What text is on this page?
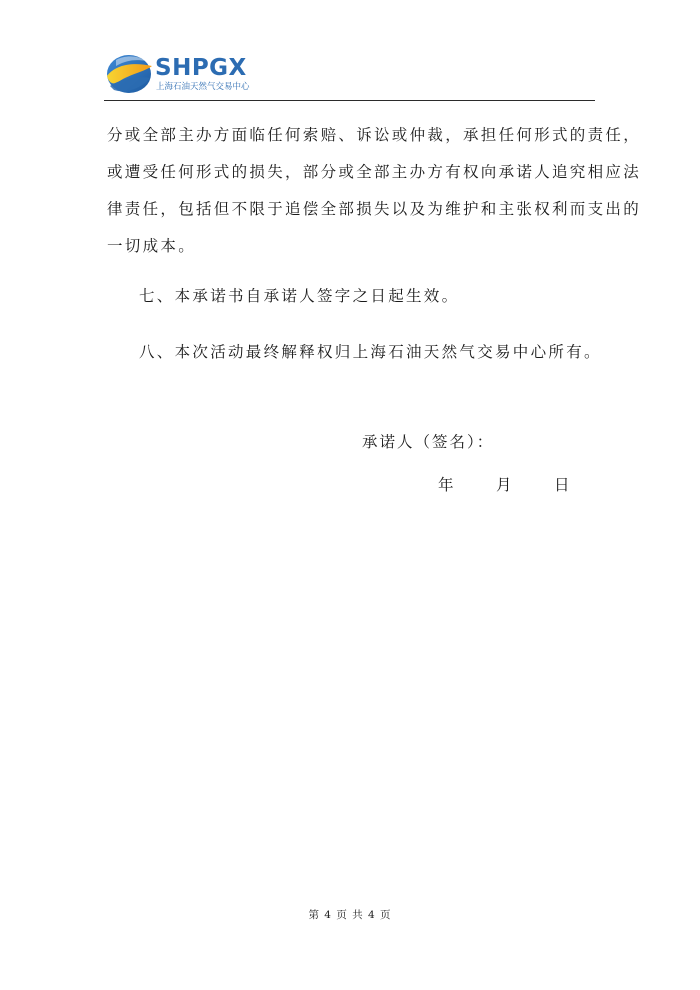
SHPGX
上海石油天然气交易中心
分或全部主办方面临任何索赔、诉讼或仲裁，承担任何形式的责任，
或遭受任何形式的损失，部分或全部主办方有权向承诺人追究相应法
律责任，包括但不限于追偿全部损失以及为维护和主张权利而支出的
一切成本。
七、本承诺书自承诺人签字之日起生效。
八、本次活动最终解释权归上海石油天然气交易中心所有。
承诺人（签名）：
年	月	日
第 4 页 共 4 页
